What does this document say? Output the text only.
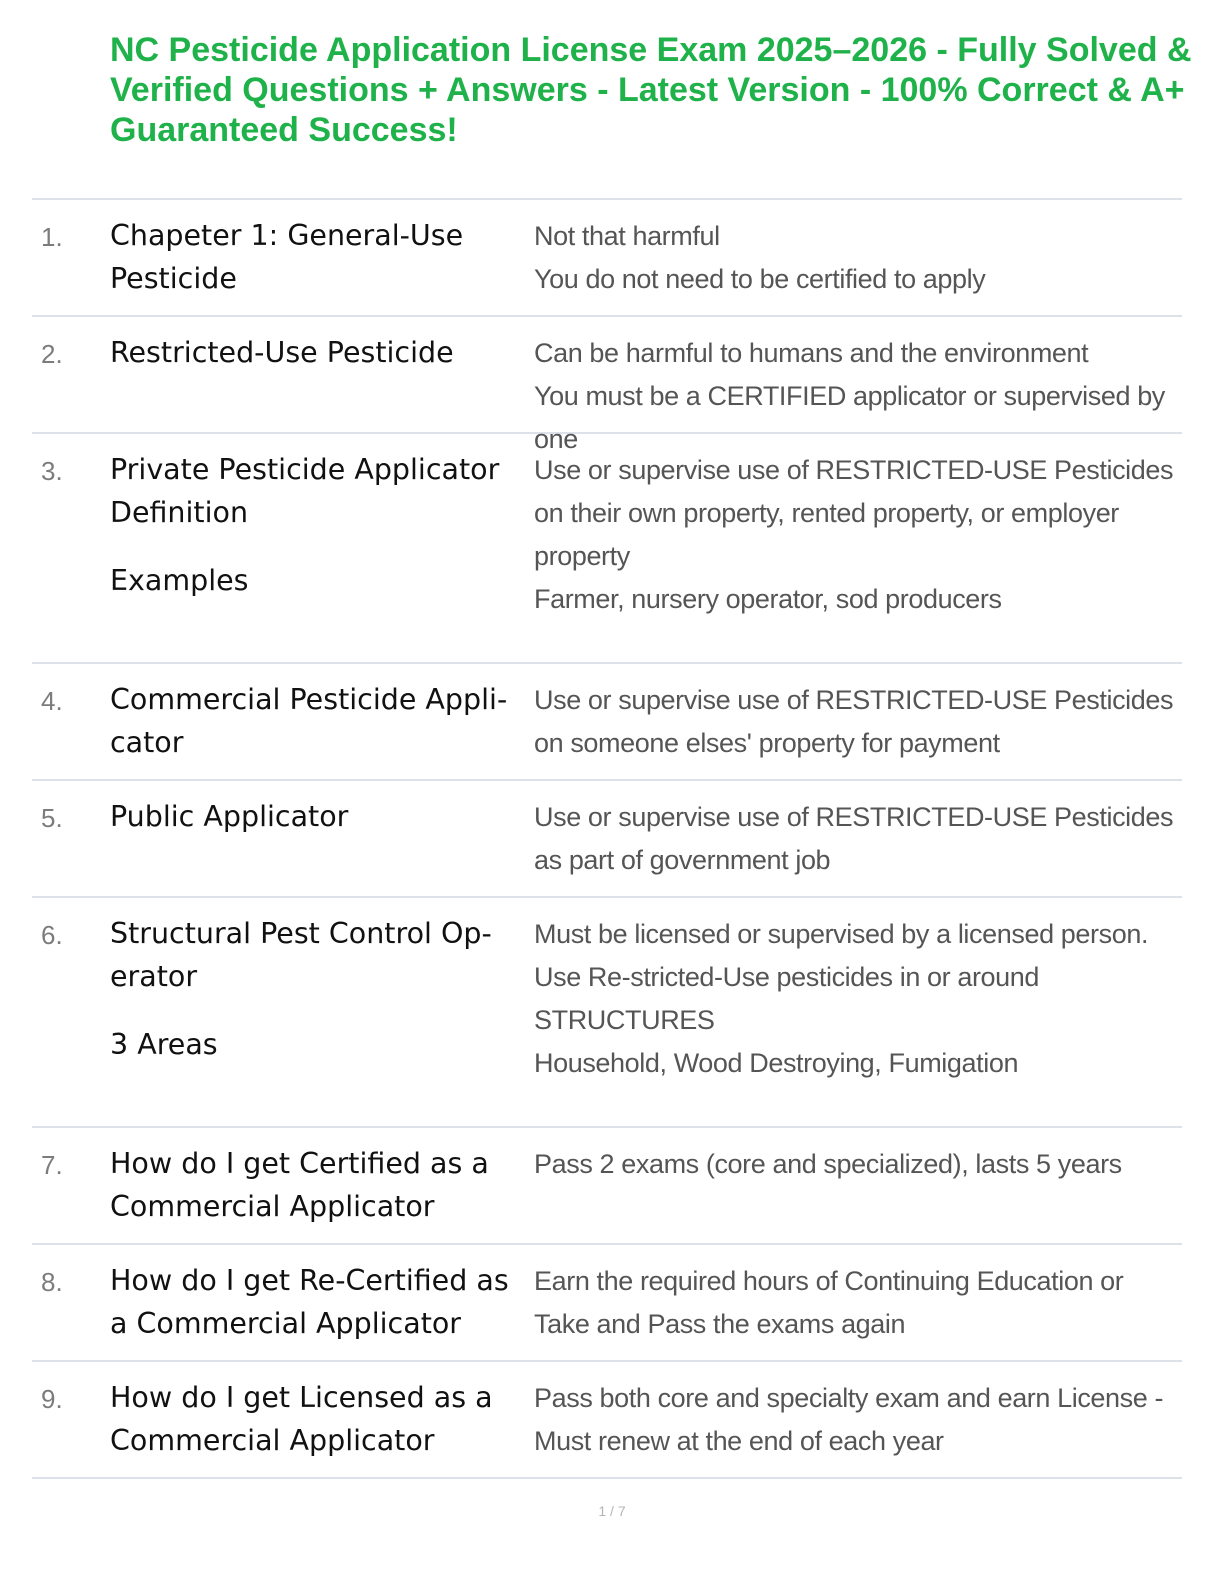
NC Pesticide Application License Exam 2025–2026 - Fully Solved & Verified Questions + Answers - Latest Version - 100% Correct & A+ Guaranteed Success!
1. Chapeter 1: General-Use Pesticide
Not that harmful
You do not need to be certified to apply
2. Restricted-Use Pesticide	Can be harmful to humans and the environment
You must be a CERTIFIED applicator or supervised by one
3. Private Pesticide Applicator Definition
Examples
Use or supervise use of RESTRICTED-USE Pesticides on their own property, rented property, or employer property
Farmer, nursery operator, sod producers
4. Commercial Pesticide Appli-cator
Use or supervise use of RESTRICTED-USE Pesticides on someone elses' property for payment
5. Public Applicator	Use or supervise use of RESTRICTED-USE Pesticides as part of government job
6. Structural Pest Control Op-erator
3 Areas
Must be licensed or supervised by a licensed person. Use Re-stricted-Use pesticides in or around STRUCTURES
Household, Wood Destroying, Fumigation
7. How do I get Certified as a Commercial Applicator
Pass 2 exams (core and specialized), lasts 5 years
8. How do I get Re-Certified as a Commercial Applicator
Earn the required hours of Continuing Education or Take and Pass the exams again
9. How do I get Licensed as a Commercial Applicator
Pass both core and specialty exam and earn License - Must renew at the end of each year
1 / 7
